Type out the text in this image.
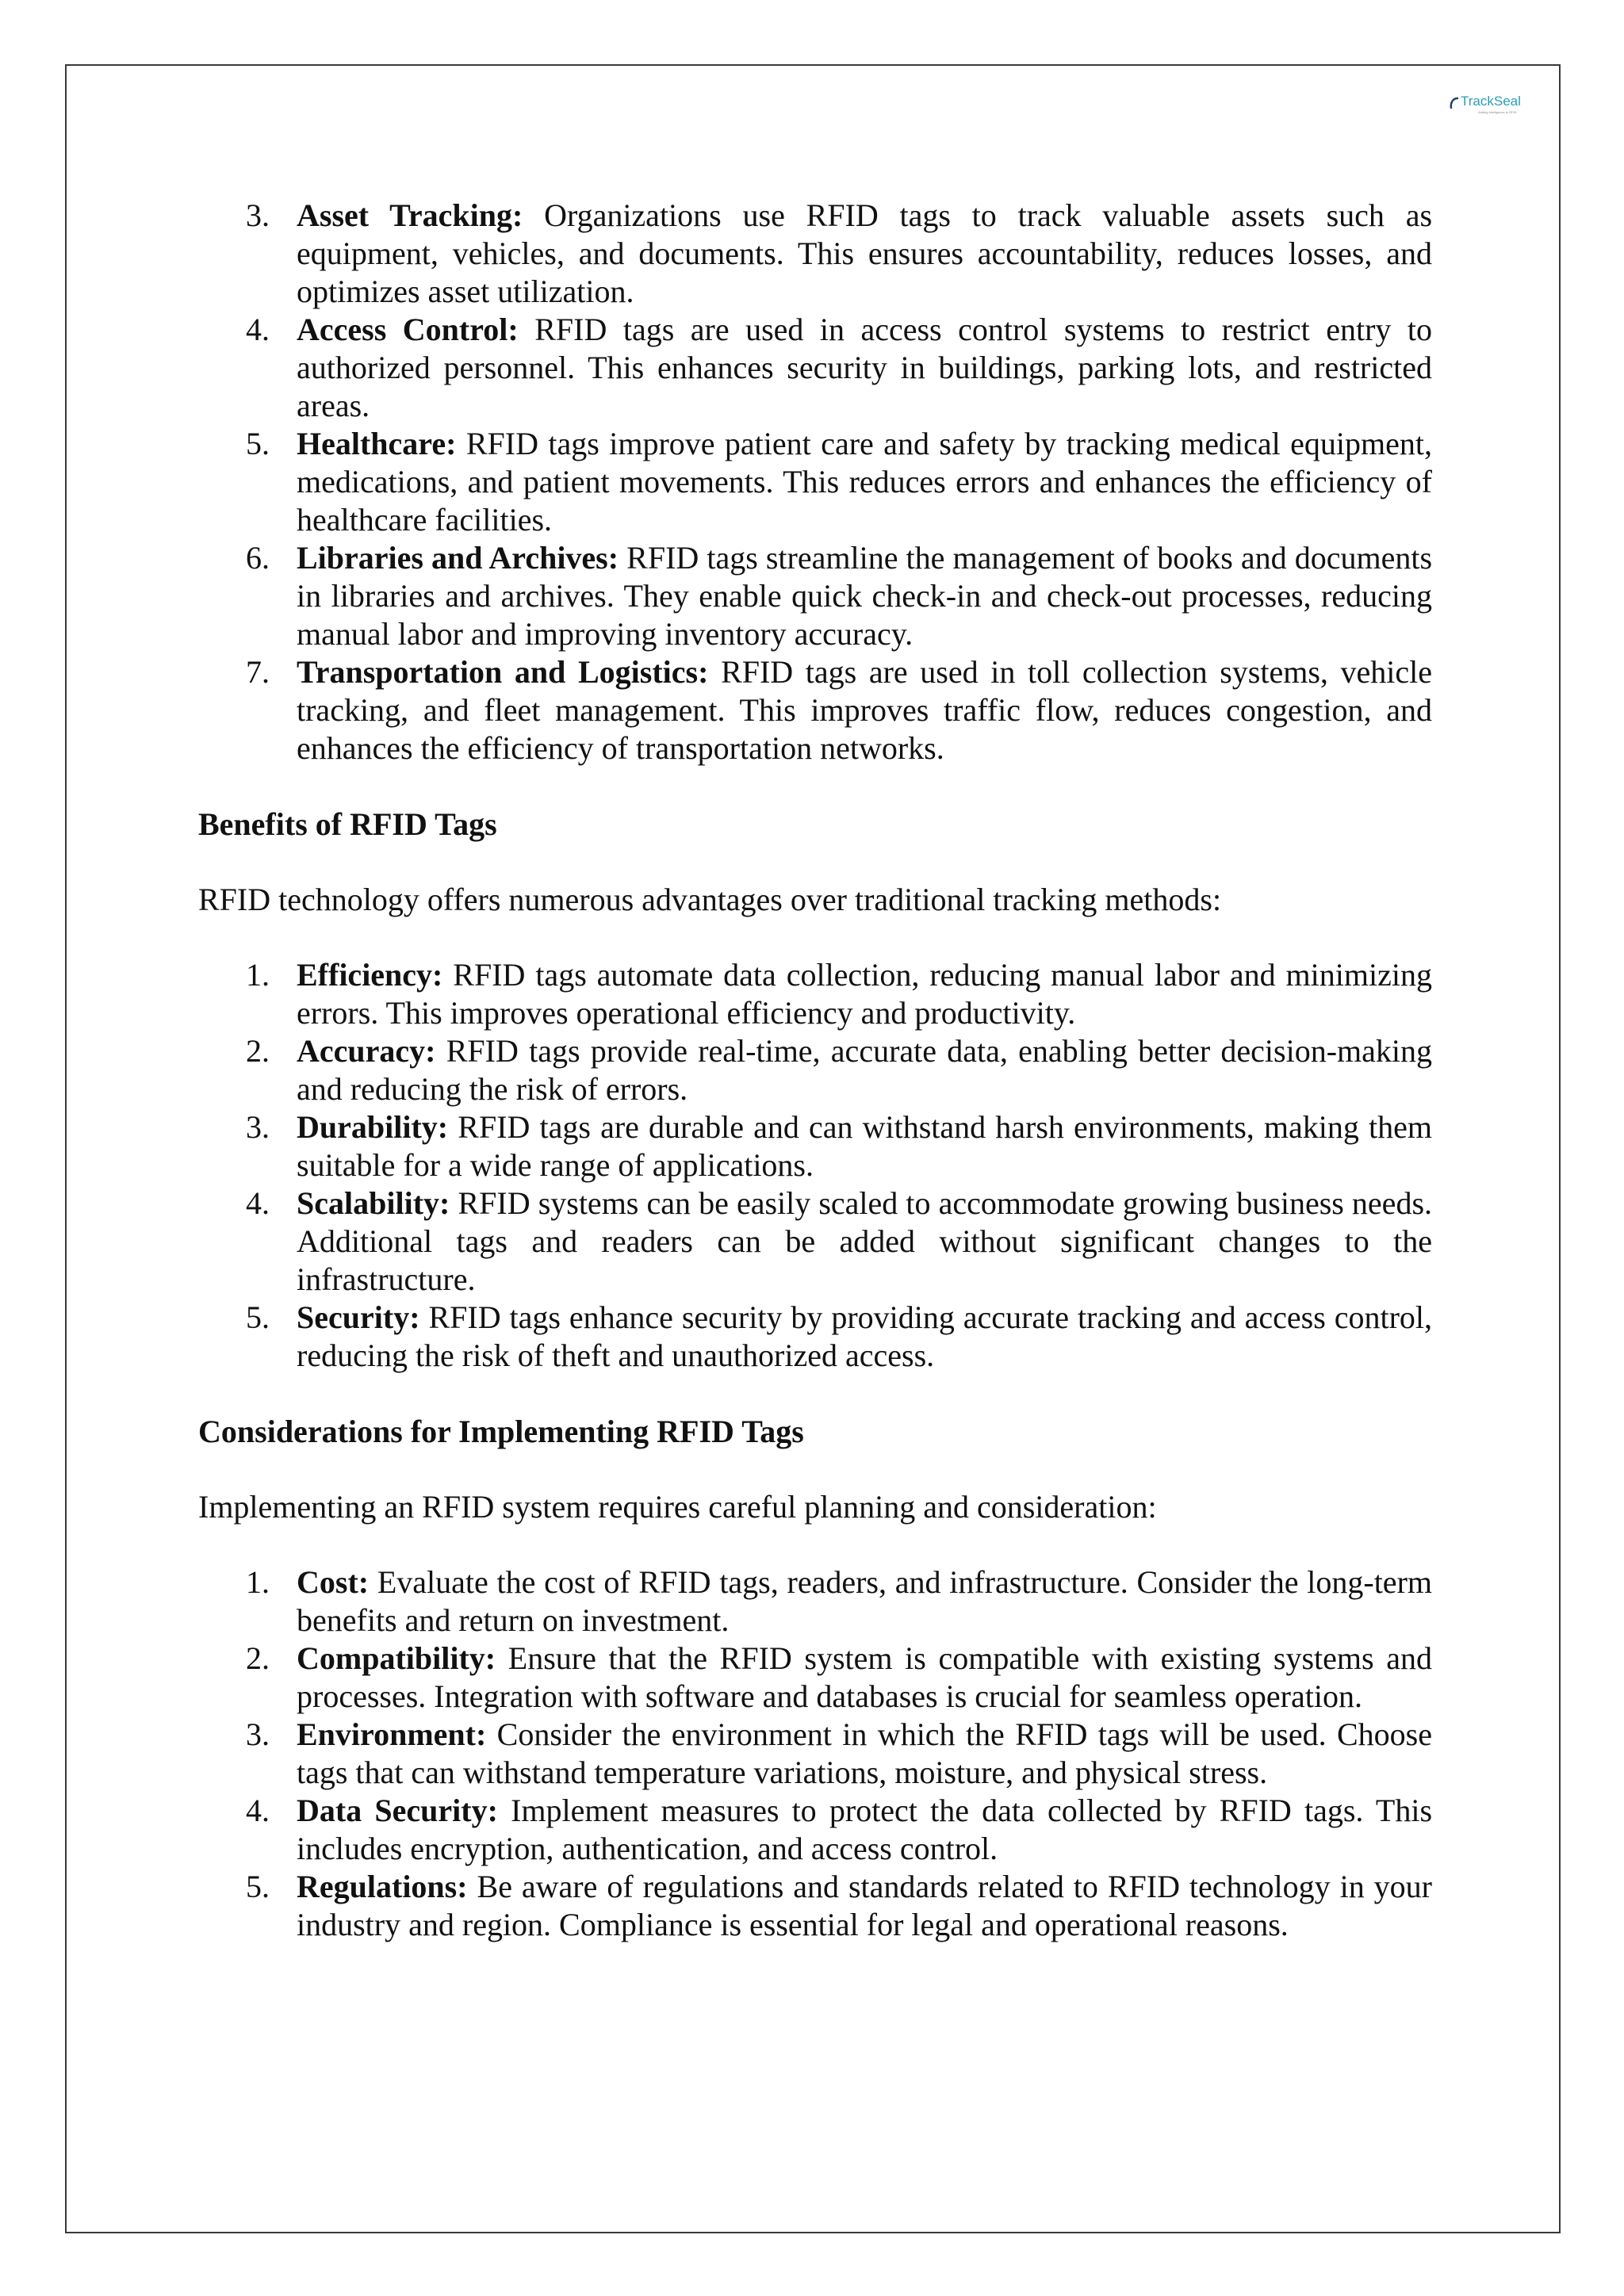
TrackSeal
Adding intelligence to RFID
3. Asset Tracking: Organizations use RFID tags to track valuable assets such as equipment, vehicles, and documents. This ensures accountability, reduces losses, and optimizes asset utilization.
4. Access Control: RFID tags are used in access control systems to restrict entry to authorized personnel. This enhances security in buildings, parking lots, and restricted areas.
5. Healthcare: RFID tags improve patient care and safety by tracking medical equipment, medications, and patient movements. This reduces errors and enhances the efficiency of healthcare facilities.
6. Libraries and Archives: RFID tags streamline the management of books and documents in libraries and archives. They enable quick check-in and check-out processes, reducing manual labor and improving inventory accuracy.
7. Transportation and Logistics: RFID tags are used in toll collection systems, vehicle tracking, and fleet management. This improves traffic flow, reduces congestion, and enhances the efficiency of transportation networks.

Benefits of RFID Tags

RFID technology offers numerous advantages over traditional tracking methods:

1. Efficiency: RFID tags automate data collection, reducing manual labor and minimizing errors. This improves operational efficiency and productivity.
2. Accuracy: RFID tags provide real-time, accurate data, enabling better decision-making and reducing the risk of errors.
3. Durability: RFID tags are durable and can withstand harsh environments, making them suitable for a wide range of applications.
4. Scalability: RFID systems can be easily scaled to accommodate growing business needs. Additional tags and readers can be added without significant changes to the infrastructure.
5. Security: RFID tags enhance security by providing accurate tracking and access control, reducing the risk of theft and unauthorized access.

Considerations for Implementing RFID Tags

Implementing an RFID system requires careful planning and consideration:

1. Cost: Evaluate the cost of RFID tags, readers, and infrastructure. Consider the long-term benefits and return on investment.
2. Compatibility: Ensure that the RFID system is compatible with existing systems and processes. Integration with software and databases is crucial for seamless operation.
3. Environment: Consider the environment in which the RFID tags will be used. Choose tags that can withstand temperature variations, moisture, and physical stress.
4. Data Security: Implement measures to protect the data collected by RFID tags. This includes encryption, authentication, and access control.
5. Regulations: Be aware of regulations and standards related to RFID technology in your industry and region. Compliance is essential for legal and operational reasons.
